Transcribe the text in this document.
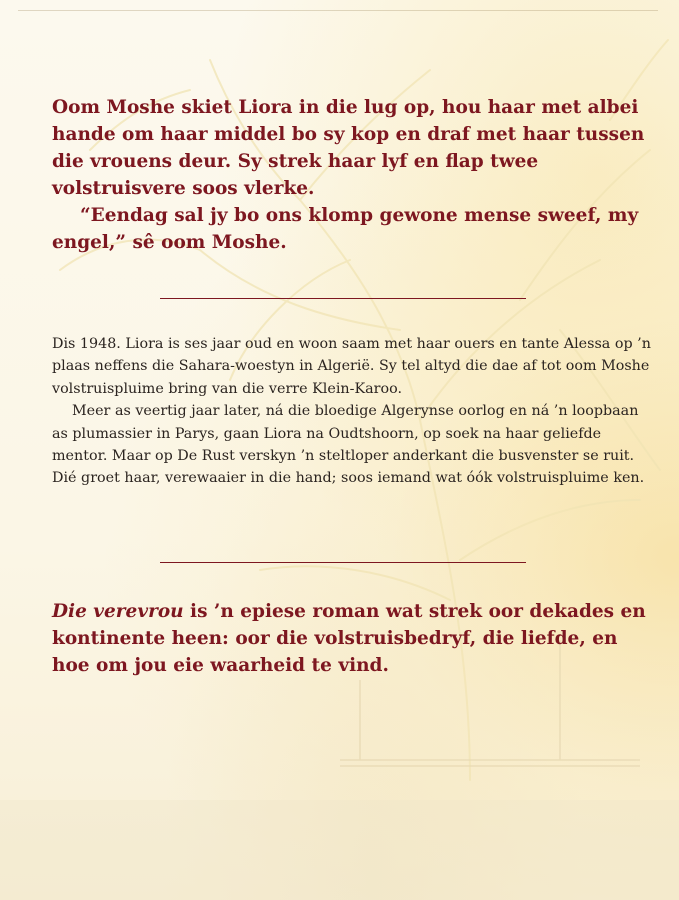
Oom Moshe skiet Liora in die lug op, hou haar met albei hande om haar middel bo sy kop en draf met haar tussen die vrouens deur. Sy strek haar lyf en flap twee volstruisvere soos vlerke.

“Eendag sal jy bo ons klomp gewone mense sweef, my engel,” sê oom Moshe.

Dis 1948. Liora is ses jaar oud en woon saam met haar ouers en tante Alessa op ’n plaas neffens die Sahara-woestyn in Algerië. Sy tel altyd die dae af tot oom Moshe volstruispluime bring van die verre Klein-Karoo.

Meer as veertig jaar later, ná die bloedige Algerynse oorlog en ná ’n loopbaan as plumassier in Parys, gaan Liora na Oudtshoorn, op soek na haar geliefde mentor. Maar op De Rust verskyn ’n steltloper anderkant die busvenster se ruit. Dié groet haar, verewaaier in die hand; soos iemand wat óók volstruispluime ken.

Die verevrou is ’n epiese roman wat strek oor dekades en kontinente heen: oor die volstruisbedryf, die liefde, en hoe om jou eie waarheid te vind.
